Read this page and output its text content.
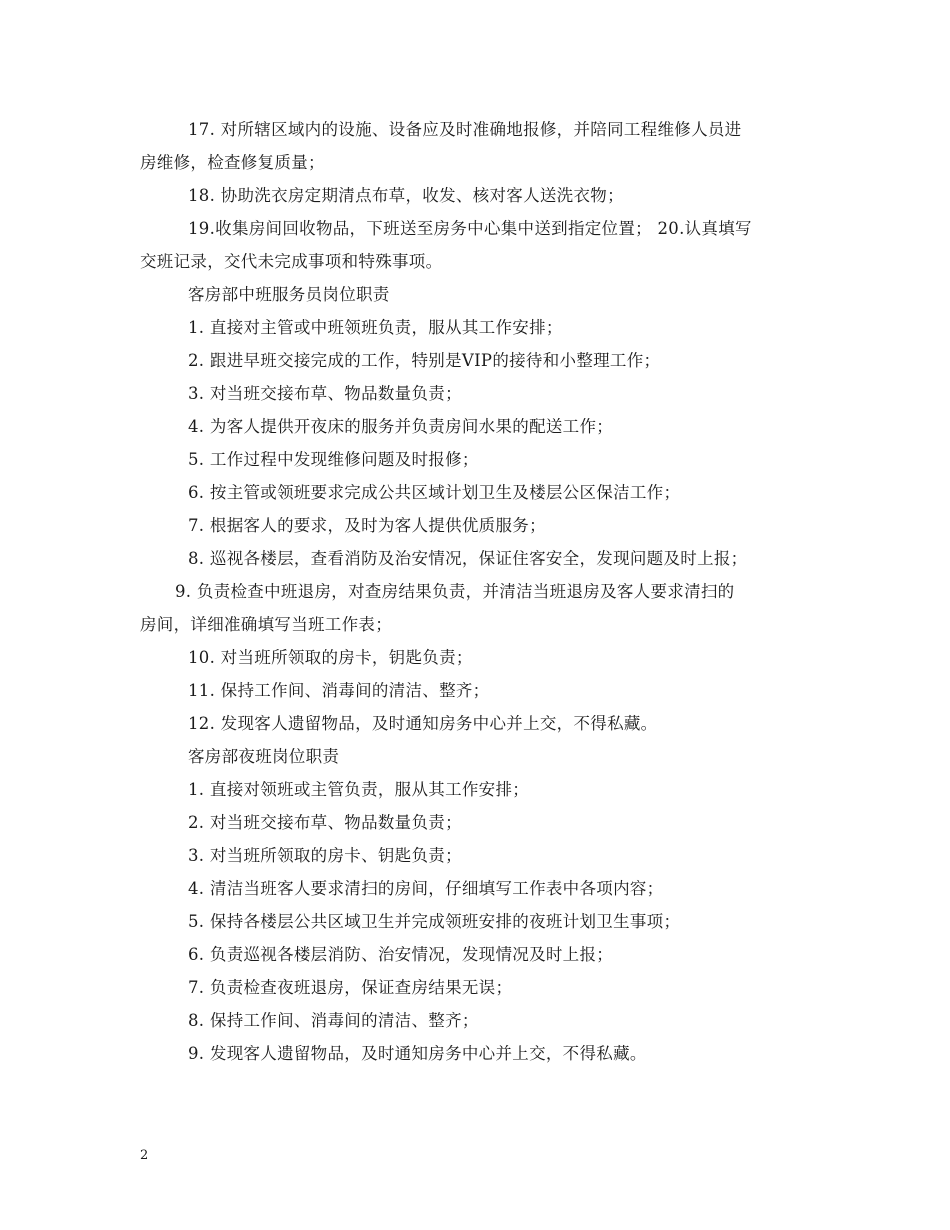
17. 对所辖区域内的设施、设备应及时准确地报修，并陪同工程维修人员进
房维修，检查修复质量；
18. 协助洗衣房定期清点布草，收发、核对客人送洗衣物；
19.收集房间回收物品，下班送至房务中心集中送到指定位置； 20.认真填写
交班记录，交代未完成事项和特殊事项。
客房部中班服务员岗位职责
1. 直接对主管或中班领班负责，服从其工作安排；
2. 跟进早班交接完成的工作，特别是VIP的接待和小整理工作；
3. 对当班交接布草、物品数量负责；
4. 为客人提供开夜床的服务并负责房间水果的配送工作；
5. 工作过程中发现维修问题及时报修；
6. 按主管或领班要求完成公共区域计划卫生及楼层公区保洁工作；
7. 根据客人的要求，及时为客人提供优质服务；
8. 巡视各楼层，查看消防及治安情况，保证住客安全，发现问题及时上报；
9. 负责检查中班退房，对查房结果负责，并清洁当班退房及客人要求清扫的
房间，详细准确填写当班工作表；
10. 对当班所领取的房卡，钥匙负责；
11. 保持工作间、消毒间的清洁、整齐；
12. 发现客人遗留物品，及时通知房务中心并上交，不得私藏。
客房部夜班岗位职责
1. 直接对领班或主管负责，服从其工作安排；
2. 对当班交接布草、物品数量负责；
3. 对当班所领取的房卡、钥匙负责；
4. 清洁当班客人要求清扫的房间，仔细填写工作表中各项内容；
5. 保持各楼层公共区域卫生并完成领班安排的夜班计划卫生事项；
6. 负责巡视各楼层消防、治安情况，发现情况及时上报；
7. 负责检查夜班退房，保证查房结果无误；
8. 保持工作间、消毒间的清洁、整齐；
9. 发现客人遗留物品，及时通知房务中心并上交，不得私藏。
2
